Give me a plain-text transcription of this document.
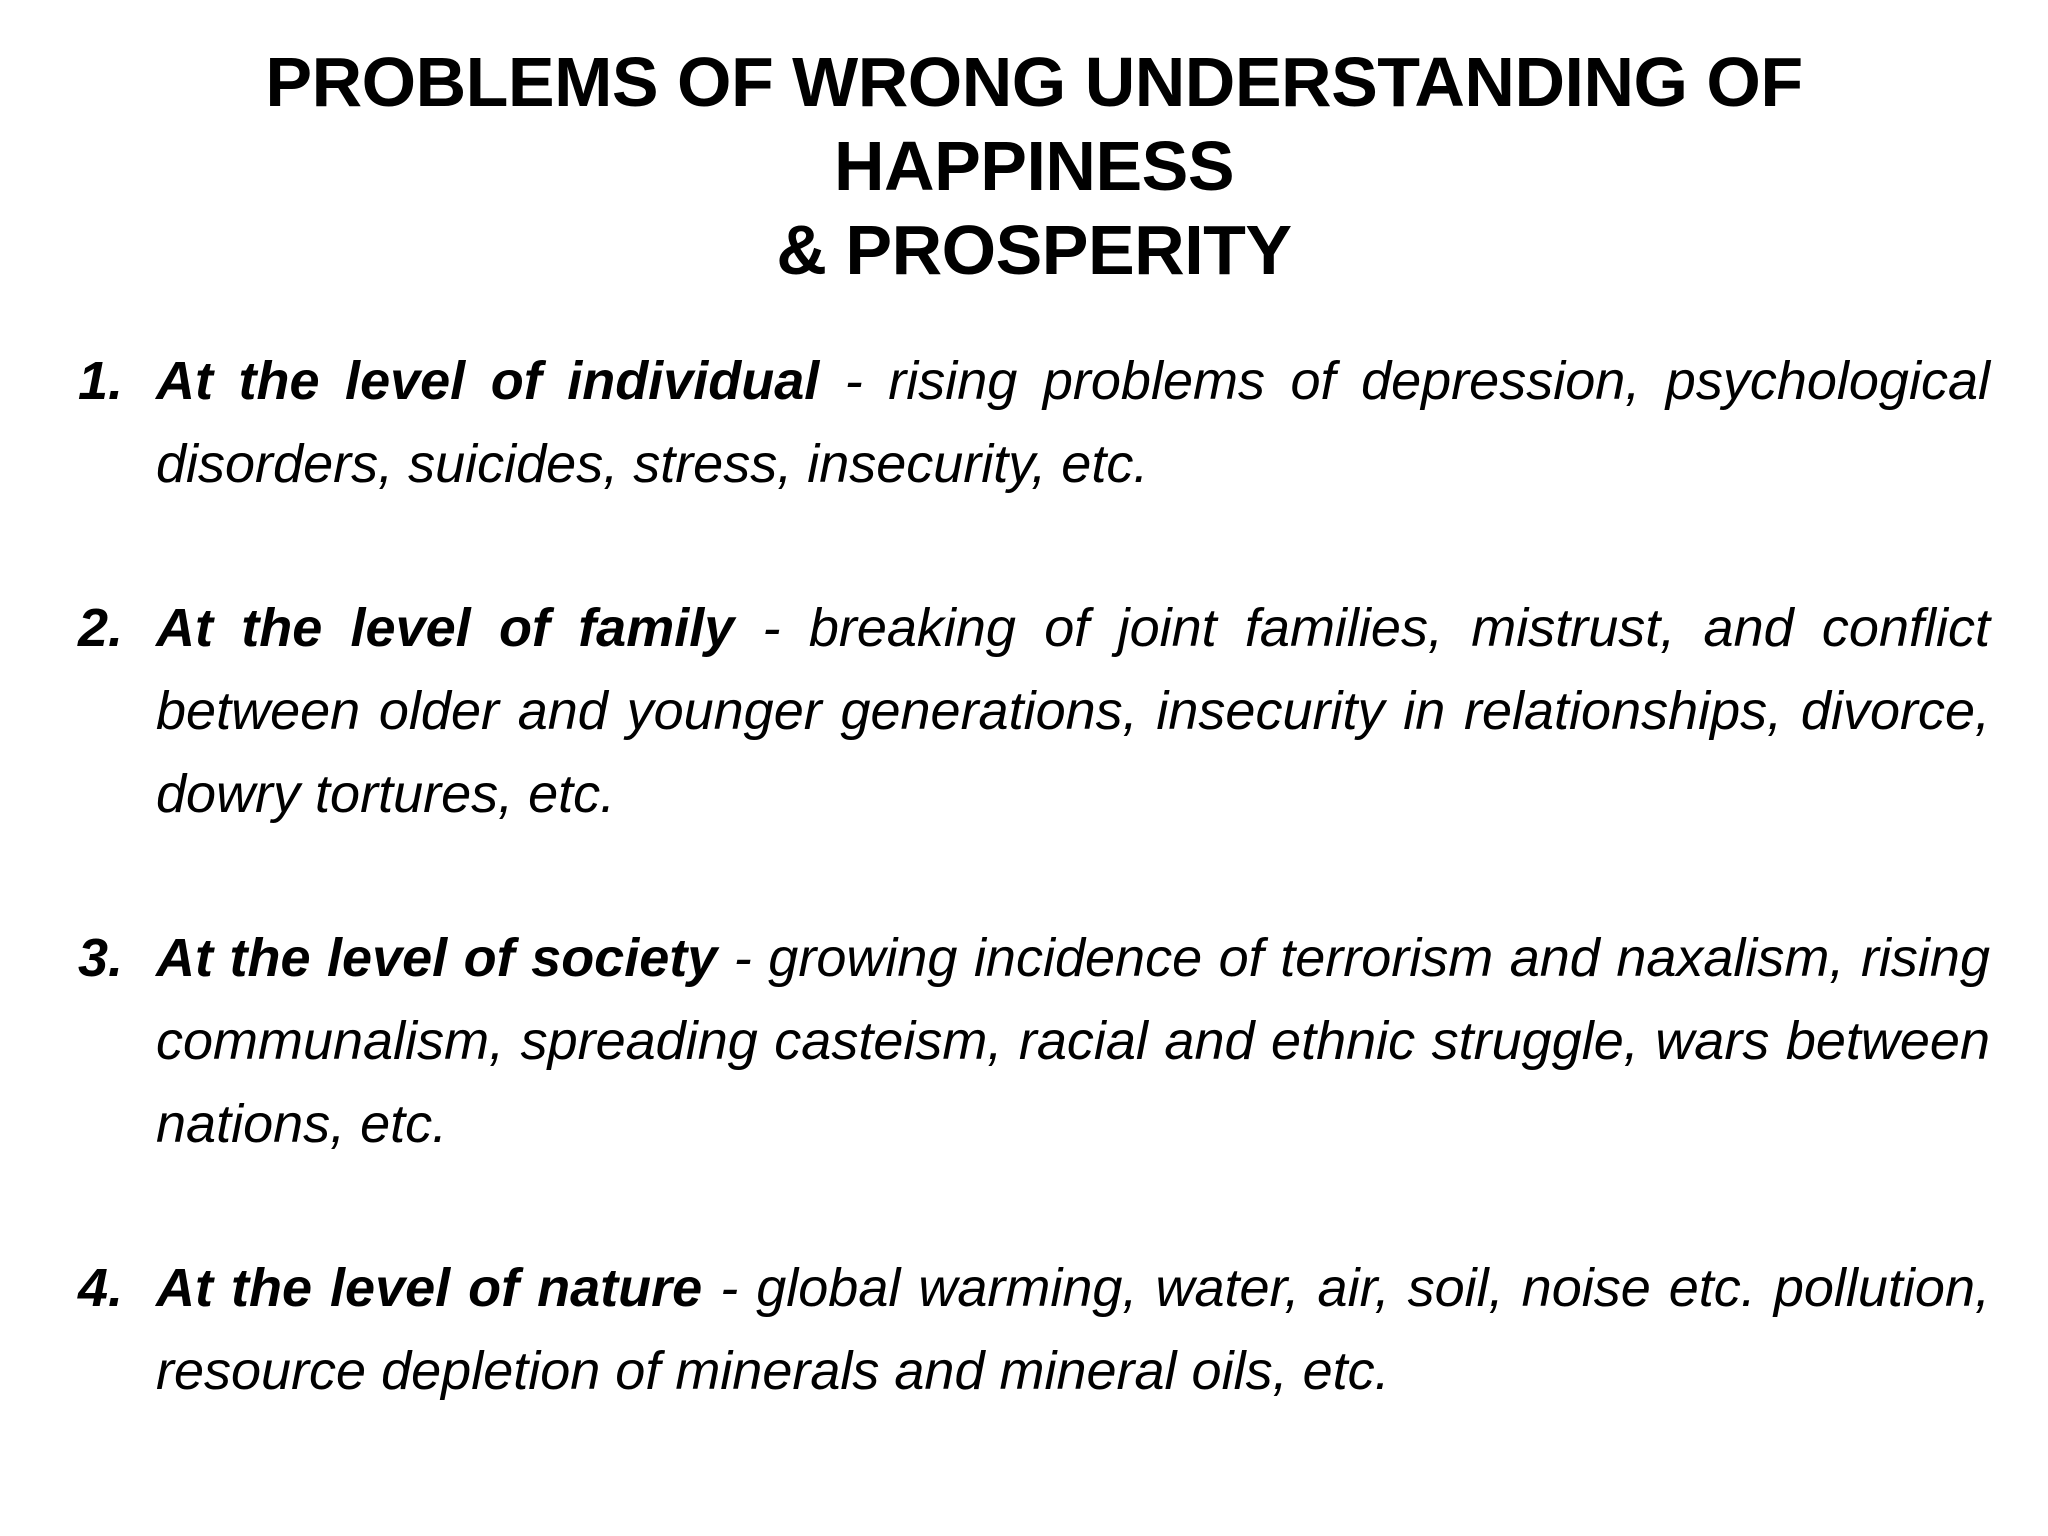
PROBLEMS OF WRONG UNDERSTANDING OF HAPPINESS
& PROSPERITY
1. At the level of individual - rising problems of depression, psychological disorders, suicides, stress, insecurity, etc.
2. At the level of family - breaking of joint families, mistrust, and conflict between older and younger generations, insecurity in relationships, divorce, dowry tortures, etc.
3. At the level of society - growing incidence of terrorism and naxalism, rising communalism, spreading casteism, racial and ethnic struggle, wars between nations, etc.
4. At the level of nature - global warming, water, air, soil, noise etc. pollution, resource depletion of minerals and mineral oils, etc.
